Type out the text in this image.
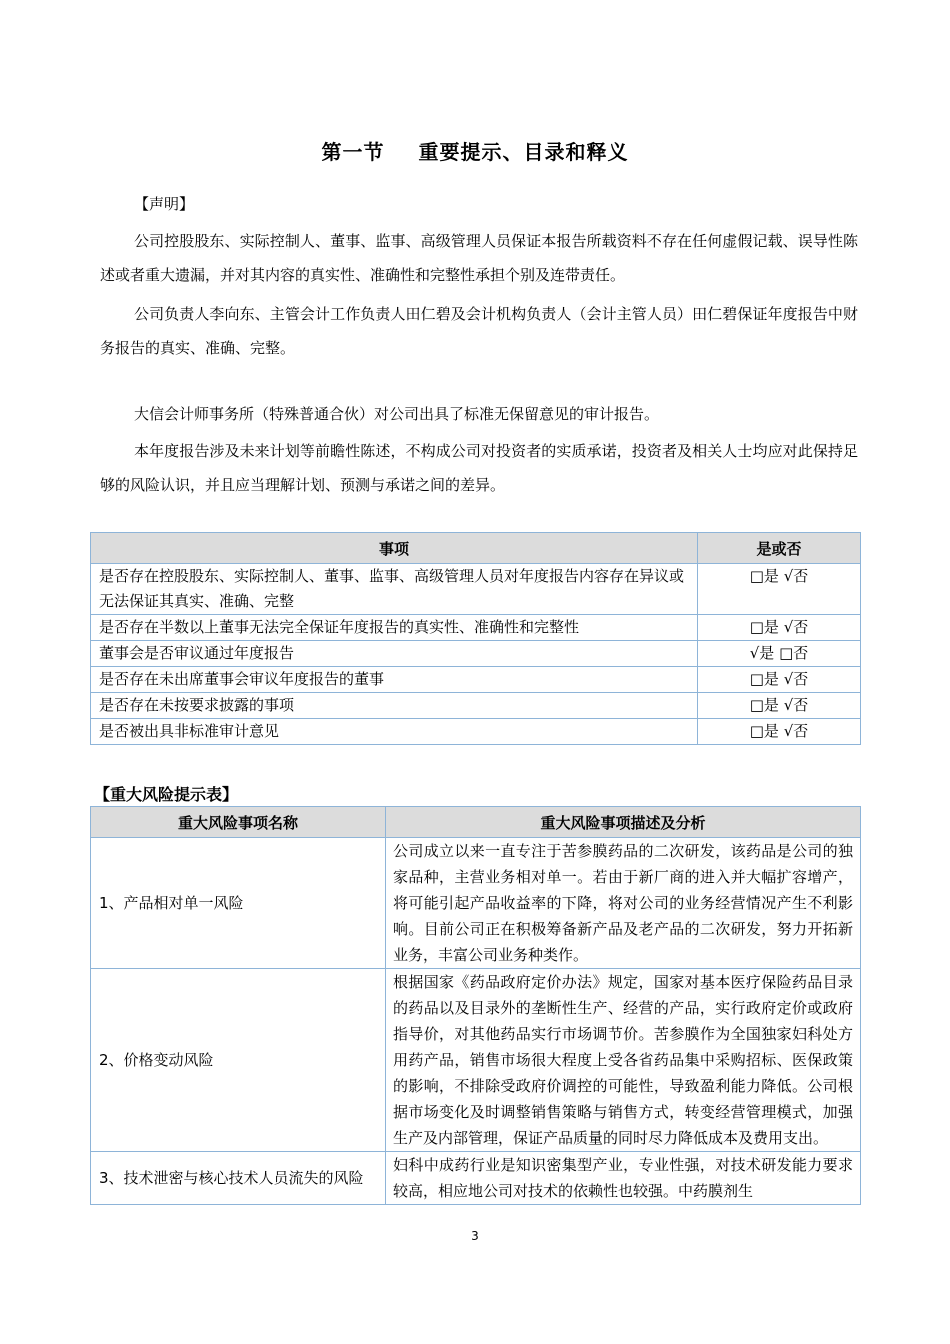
第一节 重要提示、目录和释义
【声明】
公司控股股东、实际控制人、董事、监事、高级管理人员保证本报告所载资料不存在任何虚假记载、误导性陈述或者重大遗漏，并对其内容的真实性、准确性和完整性承担个别及连带责任。
公司负责人李向东、主管会计工作负责人田仁碧及会计机构负责人（会计主管人员）田仁碧保证年度报告中财务报告的真实、准确、完整。
大信会计师事务所（特殊普通合伙）对公司出具了标准无保留意见的审计报告。
本年度报告涉及未来计划等前瞻性陈述，不构成公司对投资者的实质承诺，投资者及相关人士均应对此保持足够的风险认识，并且应当理解计划、预测与承诺之间的差异。
事项	是或否
是否存在控股股东、实际控制人、董事、监事、高级管理人员对年度报告内容存在异议或无法保证其真实、准确、完整	□是 √否
是否存在半数以上董事无法完全保证年度报告的真实性、准确性和完整性	□是 √否
董事会是否审议通过年度报告	√是 □否
是否存在未出席董事会审议年度报告的董事	□是 √否
是否存在未按要求披露的事项	□是 √否
是否被出具非标准审计意见	□是 √否
【重大风险提示表】
重大风险事项名称	重大风险事项描述及分析
1、产品相对单一风险	公司成立以来一直专注于苦参膜药品的二次研发，该药品是公司的独家品种，主营业务相对单一。若由于新厂商的进入并大幅扩容增产，将可能引起产品收益率的下降，将对公司的业务经营情况产生不利影响。目前公司正在积极筹备新产品及老产品的二次研发，努力开拓新业务，丰富公司业务种类作。
2、价格变动风险	根据国家《药品政府定价办法》规定，国家对基本医疗保险药品目录的药品以及目录外的垄断性生产、经营的产品，实行政府定价或政府指导价，对其他药品实行市场调节价。苦参膜作为全国独家妇科处方用药产品，销售市场很大程度上受各省药品集中采购招标、医保政策的影响，不排除受政府价调控的可能性，导致盈利能力降低。公司根据市场变化及时调整销售策略与销售方式，转变经营管理模式，加强生产及内部管理，保证产品质量的同时尽力降低成本及费用支出。
3、技术泄密与核心技术人员流失的风险	妇科中成药行业是知识密集型产业，专业性强，对技术研发能力要求较高，相应地公司对技术的依赖性也较强。中药膜剂生
3
